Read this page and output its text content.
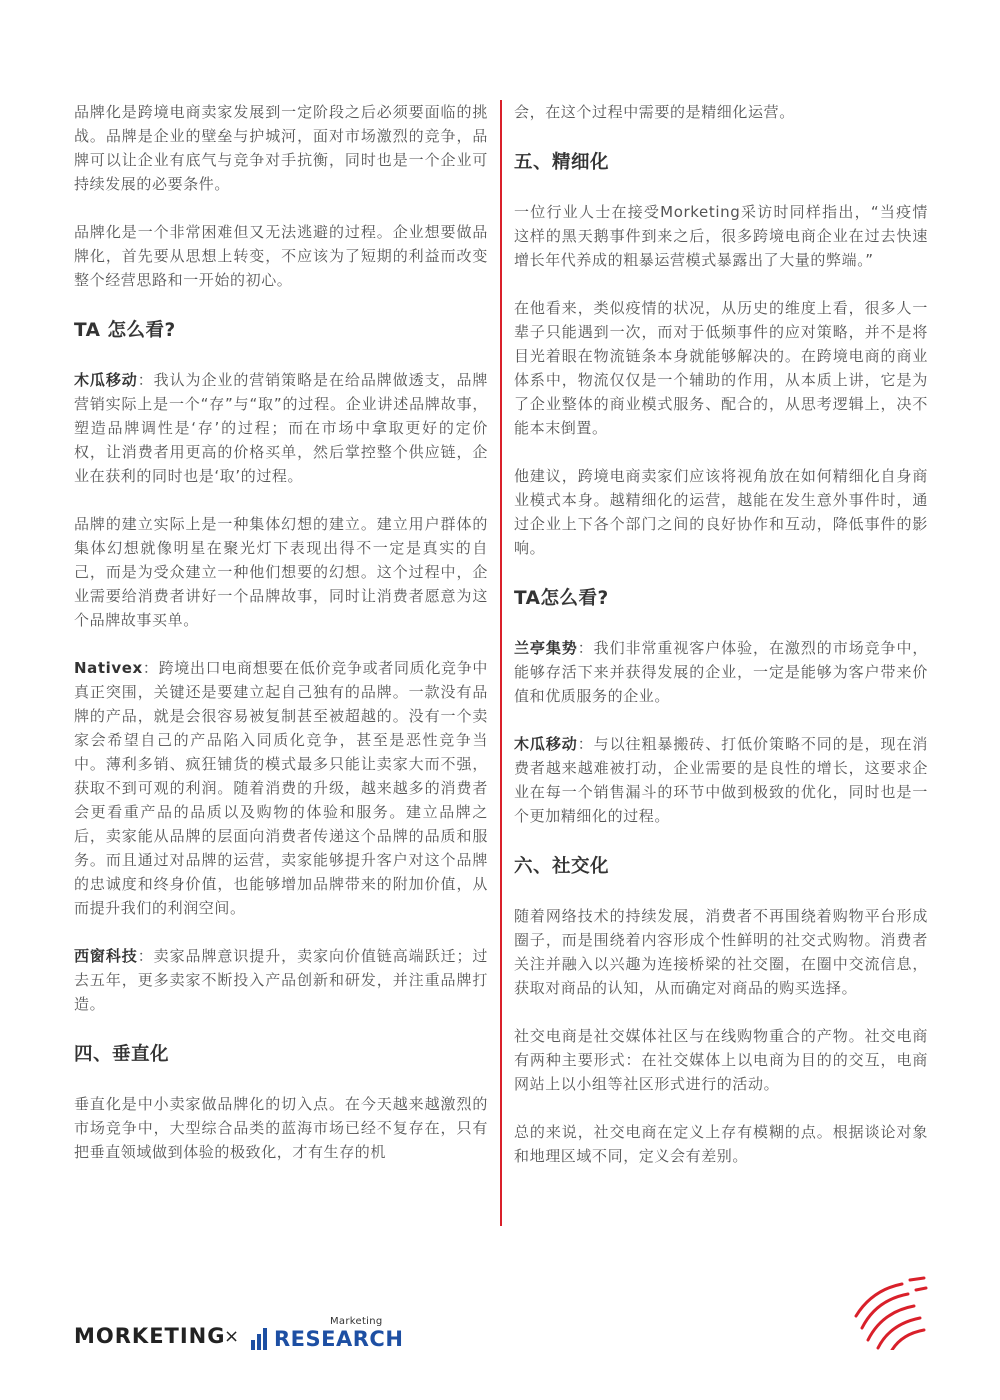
品牌化是跨境电商卖家发展到一定阶段之后必须要面临的挑战。品牌是企业的壁垒与护城河，面对市场激烈的竞争，品牌可以让企业有底气与竞争对手抗衡，同时也是一个企业可持续发展的必要条件。

品牌化是一个非常困难但又无法逃避的过程。企业想要做品牌化，首先要从思想上转变，不应该为了短期的利益而改变整个经营思路和一开始的初心。

TA 怎么看?

木瓜移动：我认为企业的营销策略是在给品牌做透支，品牌营销实际上是一个“存”与“取”的过程。企业讲述品牌故事，塑造品牌调性是‘存’的过程；而在市场中拿取更好的定价权，让消费者用更高的价格买单，然后掌控整个供应链，企业在获利的同时也是‘取’的过程。

品牌的建立实际上是一种集体幻想的建立。建立用户群体的集体幻想就像明星在聚光灯下表现出得不一定是真实的自己，而是为受众建立一种他们想要的幻想。这个过程中，企业需要给消费者讲好一个品牌故事，同时让消费者愿意为这个品牌故事买单。

Nativex：跨境出口电商想要在低价竞争或者同质化竞争中真正突围，关键还是要建立起自己独有的品牌。一款没有品牌的产品，就是会很容易被复制甚至被超越的。没有一个卖家会希望自己的产品陷入同质化竞争，甚至是恶性竞争当中。薄利多销、疯狂铺货的模式最多只能让卖家大而不强，获取不到可观的利润。随着消费的升级，越来越多的消费者会更看重产品的品质以及购物的体验和服务。建立品牌之后，卖家能从品牌的层面向消费者传递这个品牌的品质和服务。而且通过对品牌的运营，卖家能够提升客户对这个品牌的忠诚度和终身价值，也能够增加品牌带来的附加价值，从而提升我们的利润空间。

西窗科技：卖家品牌意识提升，卖家向价值链高端跃迁；过去五年，更多卖家不断投入产品创新和研发，并注重品牌打造。

四、垂直化

垂直化是中小卖家做品牌化的切入点。在今天越来越激烈的市场竞争中，大型综合品类的蓝海市场已经不复存在，只有把垂直领域做到体验的极致化，才有生存的机

会，在这个过程中需要的是精细化运营。

五、精细化

一位行业人士在接受Morketing采访时同样指出，“当疫情这样的黑天鹅事件到来之后，很多跨境电商企业在过去快速增长年代养成的粗暴运营模式暴露出了大量的弊端。”

在他看来，类似疫情的状况，从历史的维度上看，很多人一辈子只能遇到一次，而对于低频事件的应对策略，并不是将目光着眼在物流链条本身就能够解决的。在跨境电商的商业体系中，物流仅仅是一个辅助的作用，从本质上讲，它是为了企业整体的商业模式服务、配合的，从思考逻辑上，决不能本末倒置。

他建议，跨境电商卖家们应该将视角放在如何精细化自身商业模式本身。越精细化的运营，越能在发生意外事件时，通过企业上下各个部门之间的良好协作和互动，降低事件的影响。

TA怎么看?

兰亭集势：我们非常重视客户体验，在激烈的市场竞争中，能够存活下来并获得发展的企业，一定是能够为客户带来价值和优质服务的企业。

木瓜移动：与以往粗暴搬砖、打低价策略不同的是，现在消费者越来越难被打动，企业需要的是良性的增长，这要求企业在每一个销售漏斗的环节中做到极致的优化，同时也是一个更加精细化的过程。

六、社交化

随着网络技术的持续发展，消费者不再围绕着购物平台形成圈子，而是围绕着内容形成个性鲜明的社交式购物。消费者关注并融入以兴趣为连接桥梁的社交圈，在圈中交流信息，获取对商品的认知，从而确定对商品的购买选择。

社交电商是社交媒体社区与在线购物重合的产物。社交电商有两种主要形式：在社交媒体上以电商为目的的交互，电商网站上以小组等社区形式进行的活动。

总的来说，社交电商在定义上存有模糊的点。根据谈论对象和地理区域不同，定义会有差别。

MORKETING
×
Marketing
RESEARCH
